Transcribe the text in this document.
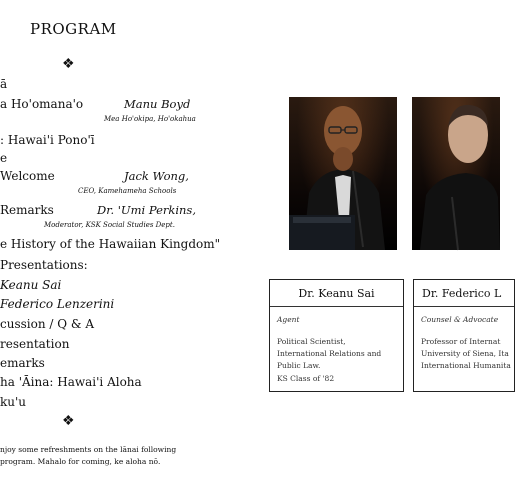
PROGRAM
❖
ā
a Ho'omana'o	Manu Boyd
Mea Ho'okipa, Ho'okahua
: Hawai'i Pono'ī
e
Welcome	Jack Wong,
CEO, Kamehameha Schools
Remarks	Dr. 'Umi Perkins,
Moderator, KSK Social Studies Dept.
e History of the Hawaiian Kingdom"
Presentations:
Keanu Sai
Federico Lenzerini
cussion / Q & A
resentation
emarks
ha 'Āina: Hawai'i Aloha
ku'u
❖
njoy some refreshments on the lānai following program. Mahalo for coming, ke aloha nō.
Dr. Keanu Sai
Agent
Political Scientist, International Relations and Public Law.
KS Class of '82
Dr. Federico L
Counsel & Advocate
Professor of Internat University of Siena, Ita International Humanita
